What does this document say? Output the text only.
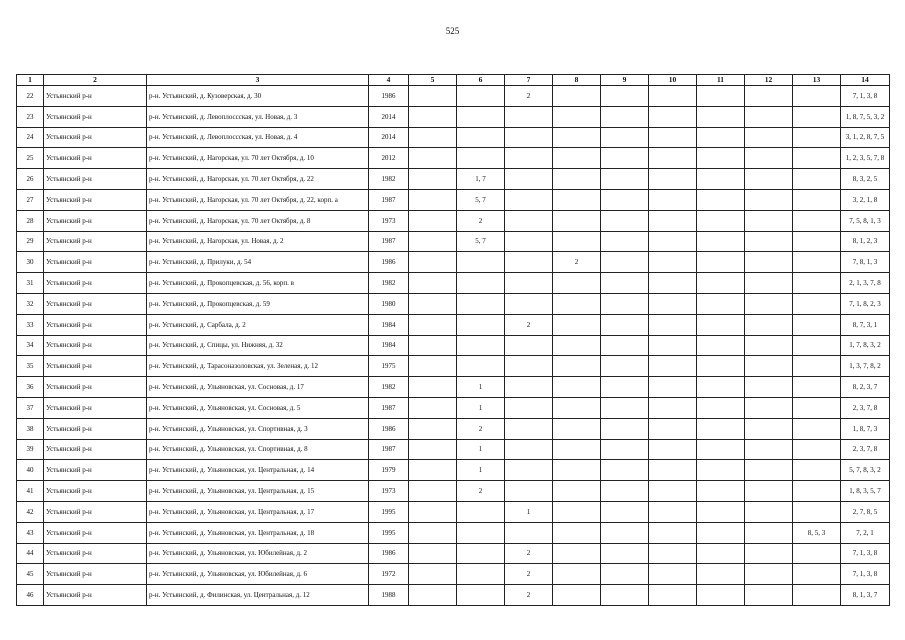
525
1	2	3	4	5	6	7	8	9	10	11	12	13	14
22	Устьянский р-н	р-н. Устьянский, д. Кузоверская, д. 30	1986			2							7, 1, 3, 8
23	Устьянский р-н	р-н. Устьянский, д. Левоплоссская, ул. Новая, д. 3	2014										1, 8, 7, 5, 3, 2
24	Устьянский р-н	р-н. Устьянский, д. Левоплоссская, ул. Новая, д. 4	2014										3, 1, 2, 8, 7, 5
25	Устьянский р-н	р-н. Устьянский, д. Нагорская, ул. 70 лет Октября, д. 10	2012										1, 2, 3, 5, 7, 8
26	Устьянский р-н	р-н. Устьянский, д. Нагорская, ул. 70 лет Октября, д. 22	1982		1, 7								8, 3, 2, 5
27	Устьянский р-н	р-н. Устьянский, д. Нагорская, ул. 70 лет Октября, д. 22, корп. а	1987		5, 7								3, 2, 1, 8
28	Устьянский р-н	р-н. Устьянский, д. Нагорская, ул. 70 лет Октября, д. 8	1973		2								7, 5, 8, 1, 3
29	Устьянский р-н	р-н. Устьянский, д. Нагорская, ул. Новая, д. 2	1987		5, 7								8, 1, 2, 3
30	Устьянский р-н	р-н. Устьянский, д. Прилуки, д. 54	1986				2						7, 8, 1, 3
31	Устьянский р-н	р-н. Устьянский, д. Прокопцевская, д. 56, корп. в	1982										2, 1, 3, 7, 8
32	Устьянский р-н	р-н. Устьянский, д. Прокопцевская, д. 59	1980										7, 1, 8, 2, 3
33	Устьянский р-н	р-н. Устьянский, д. Сарбала, д. 2	1984			2							8, 7, 3, 1
34	Устьянский р-н	р-н. Устьянский, д. Спицы, ул. Нижняя, д. 32	1984										1, 7, 8, 3, 2
35	Устьянский р-н	р-н. Устьянский, д. Тарасоназоловская, ул. Зеленая, д. 12	1975										1, 3, 7, 8, 2
36	Устьянский р-н	р-н. Устьянский, д. Ульяновская, ул. Сосновая, д. 17	1982		1								8, 2, 3, 7
37	Устьянский р-н	р-н. Устьянский, д. Ульяновская, ул. Сосновая, д. 5	1987		1								2, 3, 7, 8
38	Устьянский р-н	р-н. Устьянский, д. Ульяновская, ул. Спортивная, д. 3	1986		2								1, 8, 7, 3
39	Устьянский р-н	р-н. Устьянский, д. Ульяновская, ул. Спортивная, д. 8	1987		1								2, 3, 7, 8
40	Устьянский р-н	р-н. Устьянский, д. Ульяновская, ул. Центральная, д. 14	1979		1								5, 7, 8, 3, 2
41	Устьянский р-н	р-н. Устьянский, д. Ульяновская, ул. Центральная, д. 15	1973		2								1, 8, 3, 5, 7
42	Устьянский р-н	р-н. Устьянский, д. Ульяновская, ул. Центральная, д. 17	1995			1							2, 7, 8, 5
43	Устьянский р-н	р-н. Устьянский, д. Ульяновская, ул. Центральная, д. 18	1995									8, 5, 3	7, 2, 1
44	Устьянский р-н	р-н. Устьянский, д. Ульяновская, ул. Юбилейная, д. 2	1986			2							7, 1, 3, 8
45	Устьянский р-н	р-н. Устьянский, д. Ульяновская, ул. Юбилейная, д. 6	1972			2							7, 1, 3, 8
46	Устьянский р-н	р-н. Устьянский, д. Филинская, ул. Центральная, д. 12	1988			2							8, 1, 3, 7
